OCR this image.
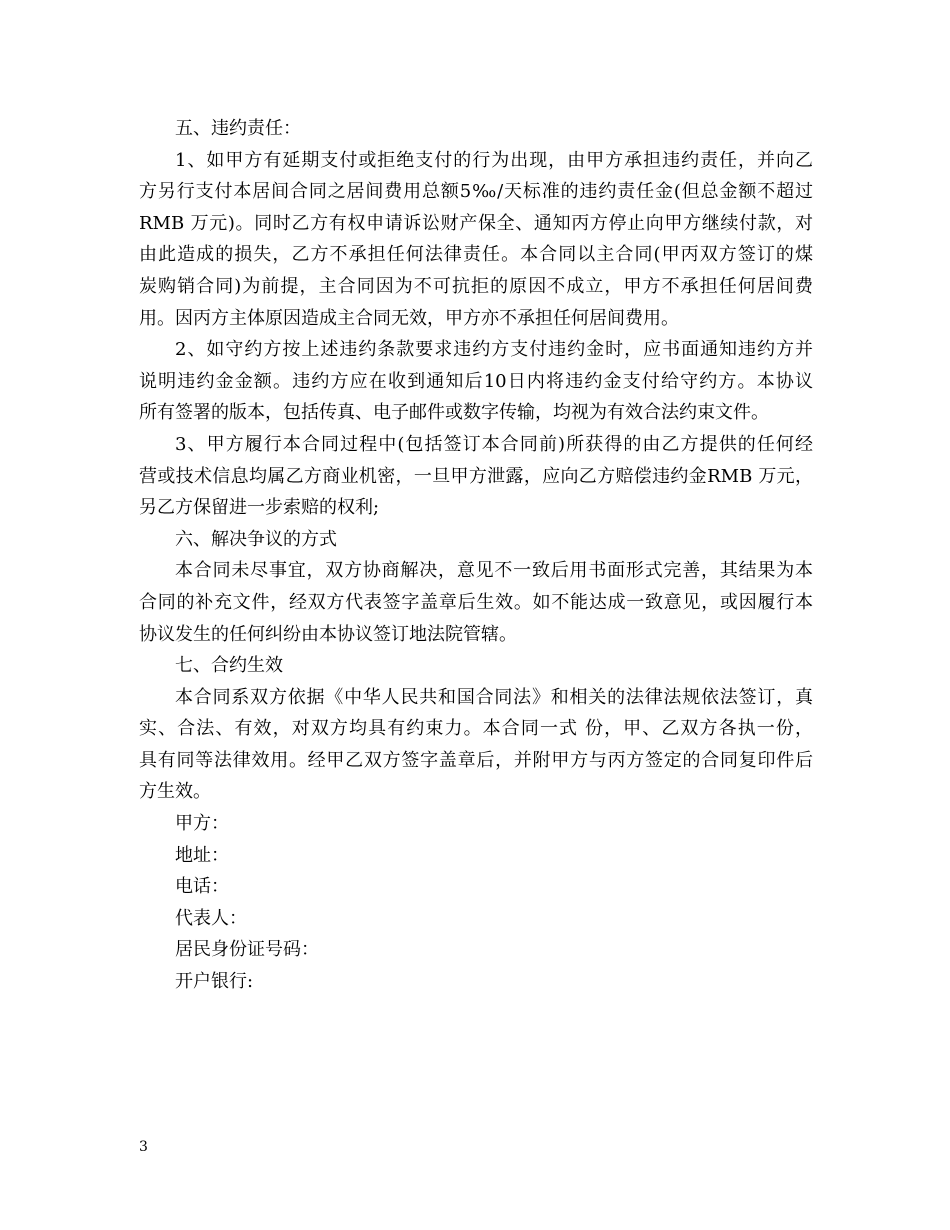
五、违约责任：
1、如甲方有延期支付或拒绝支付的行为出现，由甲方承担违约责任，并向乙
方另行支付本居间合同之居间费用总额5‰/天标准的违约责任金(但总金额不超过
RMB 万元)。同时乙方有权申请诉讼财产保全、通知丙方停止向甲方继续付款，对
由此造成的损失，乙方不承担任何法律责任。本合同以主合同(甲丙双方签订的煤
炭购销合同)为前提，主合同因为不可抗拒的原因不成立，甲方不承担任何居间费
用。因丙方主体原因造成主合同无效，甲方亦不承担任何居间费用。
2、如守约方按上述违约条款要求违约方支付违约金时，应书面通知违约方并
说明违约金金额。违约方应在收到通知后10日内将违约金支付给守约方。本协议
所有签署的版本，包括传真、电子邮件或数字传输，均视为有效合法约束文件。
3、甲方履行本合同过程中(包括签订本合同前)所获得的由乙方提供的任何经
营或技术信息均属乙方商业机密，一旦甲方泄露，应向乙方赔偿违约金RMB 万元，
另乙方保留进一步索赔的权利;
六、解决争议的方式
本合同未尽事宜，双方协商解决，意见不一致后用书面形式完善，其结果为本
合同的补充文件，经双方代表签字盖章后生效。如不能达成一致意见，或因履行本
协议发生的任何纠纷由本协议签订地法院管辖。
七、合约生效
本合同系双方依据《中华人民共和国合同法》和相关的法律法规依法签订，真
实、合法、有效，对双方均具有约束力。本合同一式 份，甲、乙双方各执一份，
具有同等法律效用。经甲乙双方签字盖章后，并附甲方与丙方签定的合同复印件后
方生效。
甲方：
地址：
电话：
代表人：
居民身份证号码：
开户银行:
3
